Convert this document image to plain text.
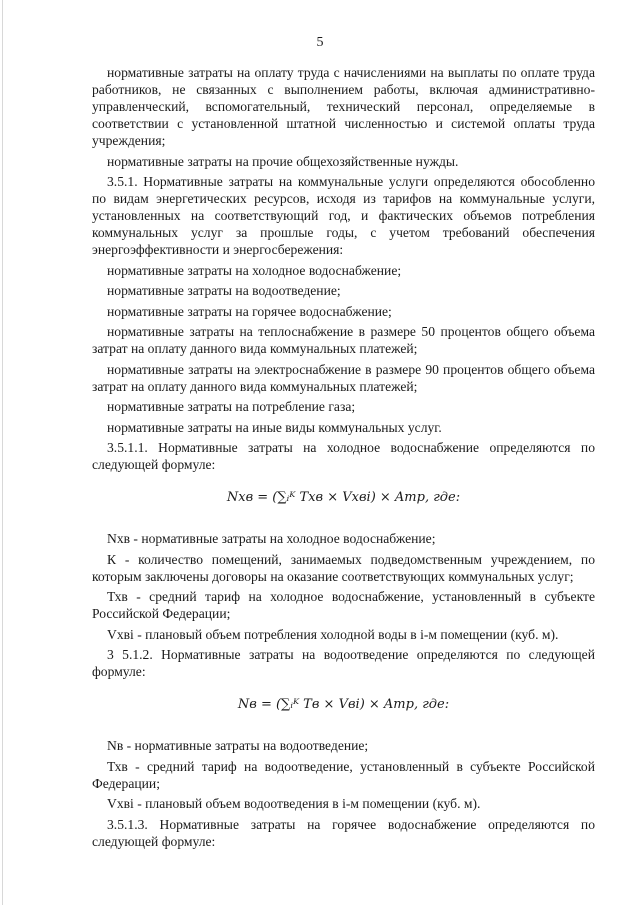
5

нормативные затраты на оплату труда с начислениями на выплаты по оплате труда работников, не связанных с выполнением работы, включая административно-управленческий, вспомогательный, технический персонал, определяемые в соответствии с установленной штатной численностью и системой оплаты труда учреждения;

нормативные затраты на прочие общехозяйственные нужды.

3.5.1. Нормативные затраты на коммунальные услуги определяются обособленно по видам энергетических ресурсов, исходя из тарифов на коммунальные услуги, установленных на соответствующий год, и фактических объемов потребления коммунальных услуг за прошлые годы, с учетом требований обеспечения энергоэффективности и энергосбережения:

нормативные затраты на холодное водоснабжение;

нормативные затраты на водоотведение;

нормативные затраты на горячее водоснабжение;

нормативные затраты на теплоснабжение в размере 50 процентов общего объема затрат на оплату данного вида коммунальных платежей;

нормативные затраты на электроснабжение в размере 90 процентов общего объема затрат на оплату данного вида коммунальных платежей;

нормативные затраты на потребление газа;

нормативные затраты на иные виды коммунальных услуг.

3.5.1.1. Нормативные затраты на холодное водоснабжение определяются по следующей формуле:

Nхв = (∑ᵢᴷ Tхв × Vхвi) × Aтр, где:

Nхв - нормативные затраты на холодное водоснабжение;

К - количество помещений, занимаемых подведомственным учреждением, по которым заключены договоры на оказание соответствующих коммунальных услуг;

Тхв - средний тариф на холодное водоснабжение, установленный в субъекте Российской Федерации;

Vхвi - плановый объем потребления холодной воды в i-м помещении (куб. м).

3 5.1.2. Нормативные затраты на водоотведение определяются по следующей формуле:

Nв = (∑ᵢᴷ Tв × Vвi) × Aтр, где:

Nв - нормативные затраты на водоотведение;

Тхв - средний тариф на водоотведение, установленный в субъекте Российской Федерации;

Vхвi - плановый объем водоотведения в i-м помещении (куб. м).

3.5.1.3. Нормативные затраты на горячее водоснабжение определяются по следующей формуле:
